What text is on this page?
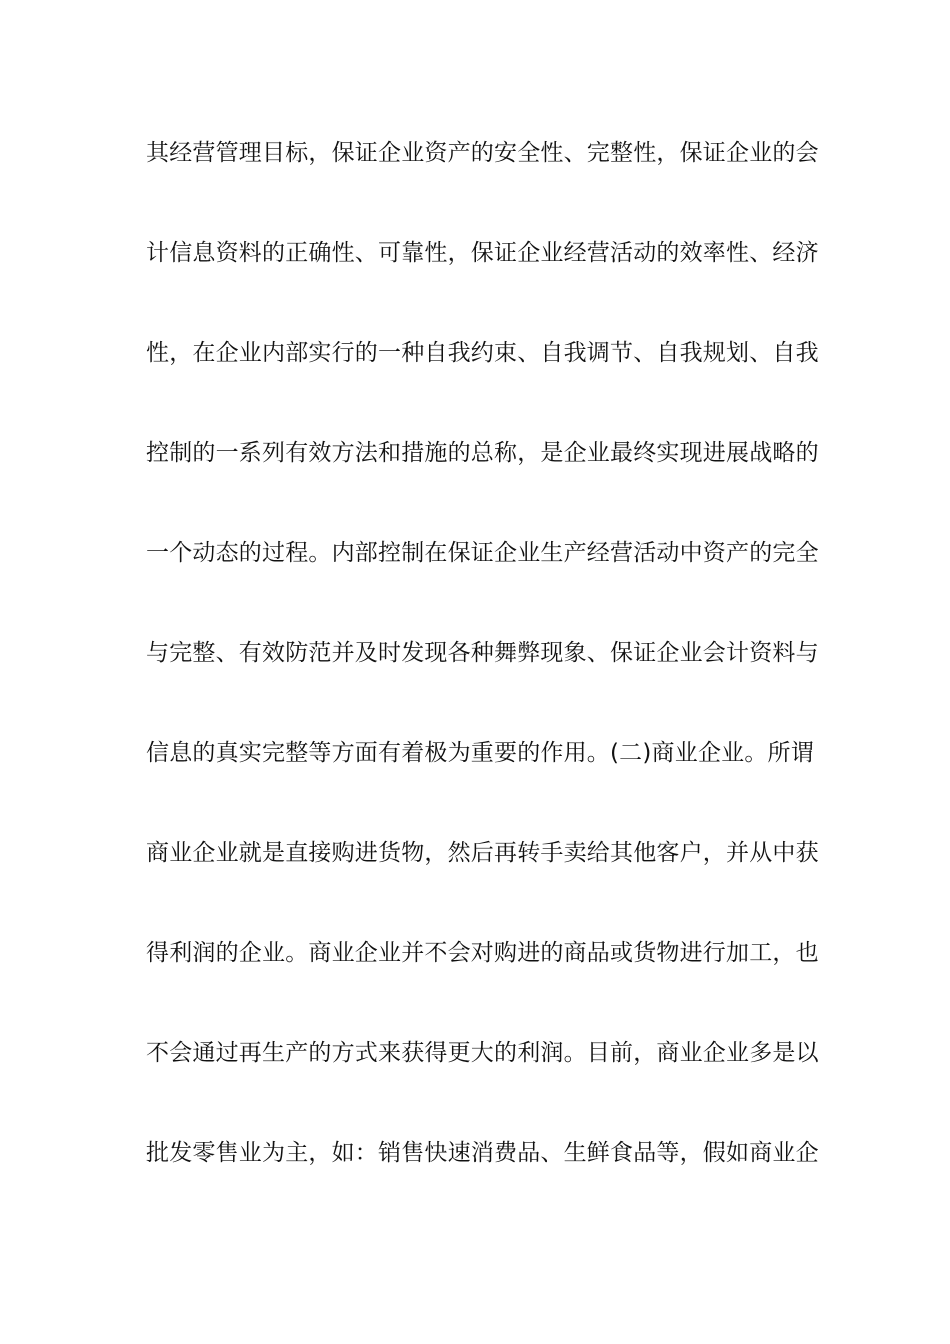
其经营管理目标，保证企业资产的安全性、完整性，保证企业的会
计信息资料的正确性、可靠性，保证企业经营活动的效率性、经济
性，在企业内部实行的一种自我约束、自我调节、自我规划、自我
控制的一系列有效方法和措施的总称，是企业最终实现进展战略的
一个动态的过程。内部控制在保证企业生产经营活动中资产的完全
与完整、有效防范并及时发现各种舞弊现象、保证企业会计资料与
信息的真实完整等方面有着极为重要的作用。(二)商业企业。所谓
商业企业就是直接购进货物，然后再转手卖给其他客户，并从中获
得利润的企业。商业企业并不会对购进的商品或货物进行加工，也
不会通过再生产的方式来获得更大的利润。目前，商业企业多是以
批发零售业为主，如：销售快速消费品、生鲜食品等，假如商业企
